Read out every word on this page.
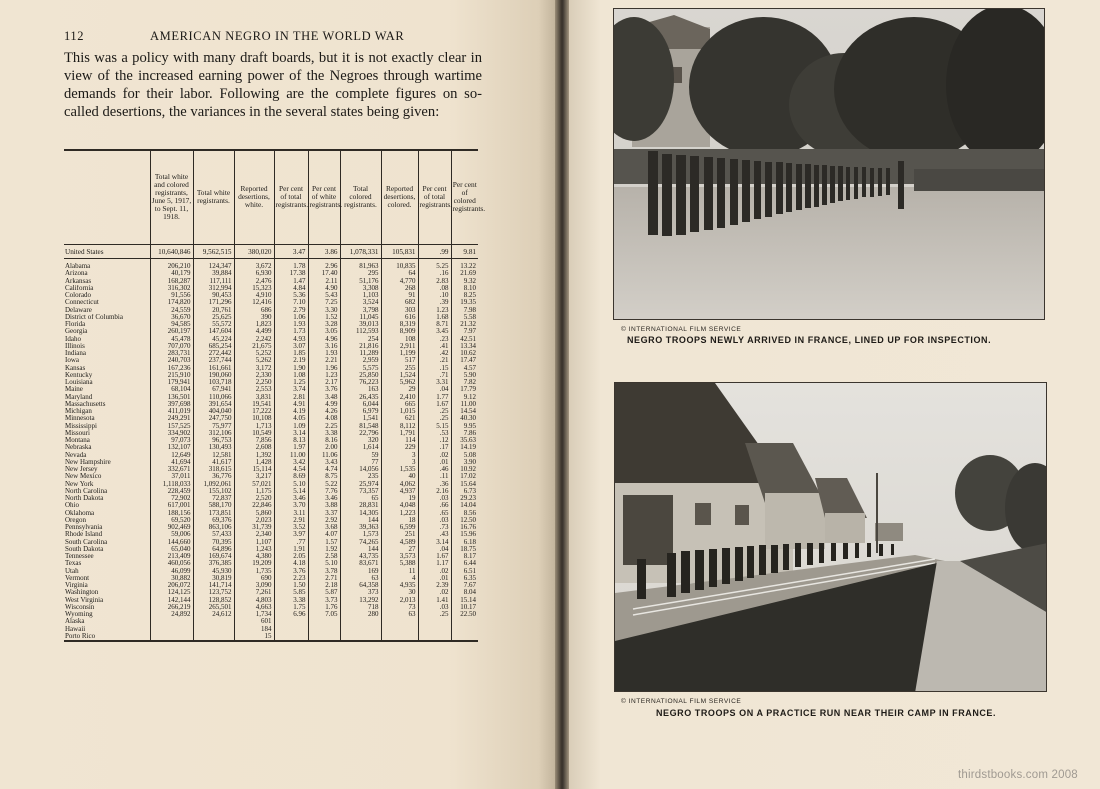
112	AMERICAN NEGRO IN THE WORLD WAR

This was a policy with many draft boards, but it is not exactly clear in view of the increased earning power of the Negroes through wartime demands for their labor. Following are the complete figures on so-called desertions, the variances in the several states being given:

	Total white and colored registrants, June 5, 1917, to Sept. 11, 1918.	Total white registrants.	Reported desertions, white.	Per cent of total registrants.	Per cent of white registrants.	Total colored registrants.	Reported desertions, colored.	Per cent of total registrants.	Per cent of colored registrants.
United States	10,640,846	9,562,515	380,020	3.47	3.86	1,078,331	105,831	.99	9.81

Alabama	206,210	124,347	3,672	1.78	2.96	81,963	10,835	5.25	13.22
Arizona	40,179	39,884	6,930	17.38	17.40	295	64	.16	21.69
Arkansas	168,287	117,111	2,476	1.47	2.11	51,176	4,770	2.83	9.32
California	316,302	312,994	15,323	4.84	4.90	3,308	268	.08	8.10
Colorado	91,556	90,453	4,910	5.36	5.43	1,103	91	.10	8.25
Connecticut	174,820	171,296	12,416	7.10	7.25	3,524	682	.39	19.35
Delaware	24,559	20,761	686	2.79	3.30	3,798	303	1.23	7.98
District of Columbia	36,670	25,625	390	1.06	1.52	11,045	616	1.68	5.58
Florida	94,585	55,572	1,823	1.93	3.28	39,013	8,319	8.71	21.32
Georgia	260,197	147,604	4,499	1.73	3.05	112,593	8,909	3.45	7.97
Idaho	45,478	45,224	2,242	4.93	4.96	254	108	.23	42.51
Illinois	707,070	685,254	21,675	3.07	3.16	21,816	2,911	.41	13.34
Indiana	283,731	272,442	5,252	1.85	1.93	11,289	1,199	.42	10.62
Iowa	240,703	237,744	5,262	2.19	2.21	2,959	517	.21	17.47
Kansas	167,236	161,661	3,172	1.90	1.96	5,575	255	.15	4.57
Kentucky	215,910	190,060	2,330	1.08	1.23	25,850	1,524	.71	5.90
Louisiana	179,941	103,718	2,250	1.25	2.17	76,223	5,962	3.31	7.82
Maine	68,104	67,941	2,553	3.74	3.76	163	29	.04	17.79
Maryland	136,501	110,066	3,831	2.81	3.48	26,435	2,410	1.77	9.12
Massachusetts	397,698	391,654	19,541	4.91	4.99	6,044	665	1.67	11.00
Michigan	411,019	404,040	17,222	4.19	4.26	6,979	1,015	.25	14.54
Minnesota	249,291	247,750	10,108	4.05	4.08	1,541	621	.25	40.30
Mississippi	157,525	75,977	1,713	1.09	2.25	81,548	8,112	5.15	9.95
Missouri	334,902	312,106	10,549	3.14	3.38	22,796	1,791	.53	7.86
Montana	97,073	96,753	7,856	8.13	8.16	320	114	.12	35.63
Nebraska	132,107	130,493	2,608	1.97	2.00	1,614	229	.17	14.19
Nevada	12,649	12,581	1,392	11.00	11.06	59	3	.02	5.08
New Hampshire	41,694	41,617	1,428	3.42	3.43	77	3	.01	3.90
New Jersey	332,671	318,615	15,114	4.54	4.74	14,056	1,535	.46	10.92
New Mexico	37,011	36,776	3,217	8.69	8.75	235	40	.11	17.02
New York	1,118,033	1,092,061	57,021	5.10	5.22	25,974	4,062	.36	15.64
North Carolina	228,459	155,102	1,175	5.14	7.76	73,357	4,937	2.16	6.73
North Dakota	72,902	72,837	2,520	3.46	3.46	65	19	.03	29.23
Ohio	617,001	588,170	22,846	3.70	3.88	28,831	4,048	.66	14.04
Oklahoma	188,156	173,851	5,860	3.11	3.37	14,305	1,223	.65	8.56
Oregon	69,520	69,376	2,023	2.91	2.92	144	18	.03	12.50
Pennsylvania	902,469	863,106	31,739	3.52	3.68	39,363	6,599	.73	16.76
Rhode Island	59,006	57,433	2,340	3.97	4.07	1,573	251	.43	15.96
South Carolina	144,660	70,395	1,107	.77	1.57	74,265	4,589	3.14	6.18
South Dakota	65,040	64,896	1,243	1.91	1.92	144	27	.04	18.75
Tennessee	213,409	169,674	4,380	2.05	2.58	43,735	3,573	1.67	8.17
Texas	460,056	376,385	19,209	4.18	5.10	83,671	5,388	1.17	6.44
Utah	46,099	45,930	1,735	3.76	3.78	169	11	.02	6.51
Vermont	30,882	30,819	690	2.23	2.71	63	4	.01	6.35
Virginia	206,072	141,714	3,090	1.50	2.18	64,358	4,935	2.39	7.67
Washington	124,125	123,752	7,261	5.85	5.87	373	30	.02	8.04
West Virginia	142,144	128,852	4,803	3.38	3.73	13,292	2,013	1.41	15.14
Wisconsin	266,219	265,501	4,663	1.75	1.76	718	73	.03	10.17
Wyoming	24,892	24,612	1,734	6.96	7.05	280	63	.25	22.50
Alaska			601						
Hawaii			184						
Porto Rico			15						
© INTERNATIONAL FILM SERVICE
NEGRO TROOPS NEWLY ARRIVED IN FRANCE, LINED UP FOR INSPECTION.
© INTERNATIONAL FILM SERVICE
NEGRO TROOPS ON A PRACTICE RUN NEAR THEIR CAMP IN FRANCE.
thirdstbooks.com 2008
